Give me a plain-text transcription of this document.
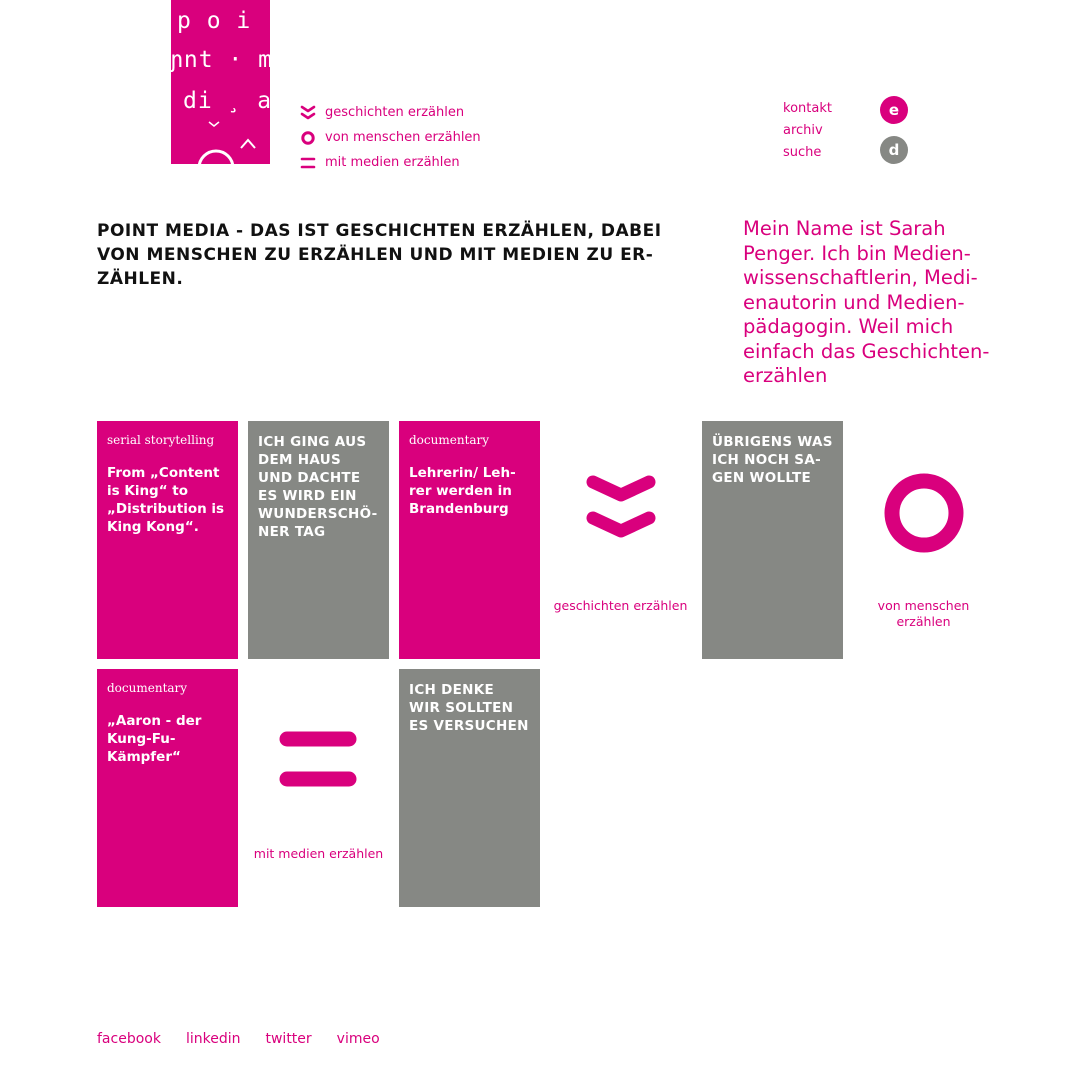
p o i
ɲnt · me
di ̧  a	geschichten erzählen
von menschen erzählen
mit medien erzählen
kontakt
archiv
suche
e
d
POINT MEDIA - DAS IST GESCHICHTEN ERZÄHLEN, DABEI VON MENSCHEN ZU ERZÄHLEN UND MIT MEDIEN ZU ER-ZÄHLEN.

Mein Name ist Sarah Penger. Ich bin Medien-wissenschaftlerin, Medi-enautorin und Medien-pädagogin. Weil mich einfach das Geschichten-erzählen

serial storytelling
From „Content is King“ to „Distribution is King Kong“.
ICH GING AUS DEM HAUS UND DACHTE ES WIRD EIN WUNDERSCHÖ-NER TAG
documentary
Lehrerin/ Leh-rer werden in Brandenburg
geschichten erzählen
ÜBRIGENS WAS ICH NOCH SA-GEN WOLLTE
von menschen erzählen
documentary
„Aaron - der Kung-Fu-Kämpfer“
mit medien erzählen
ICH DENKE WIR SOLLTEN ES VERSUCHEN
facebook linkedin twitter vimeo
